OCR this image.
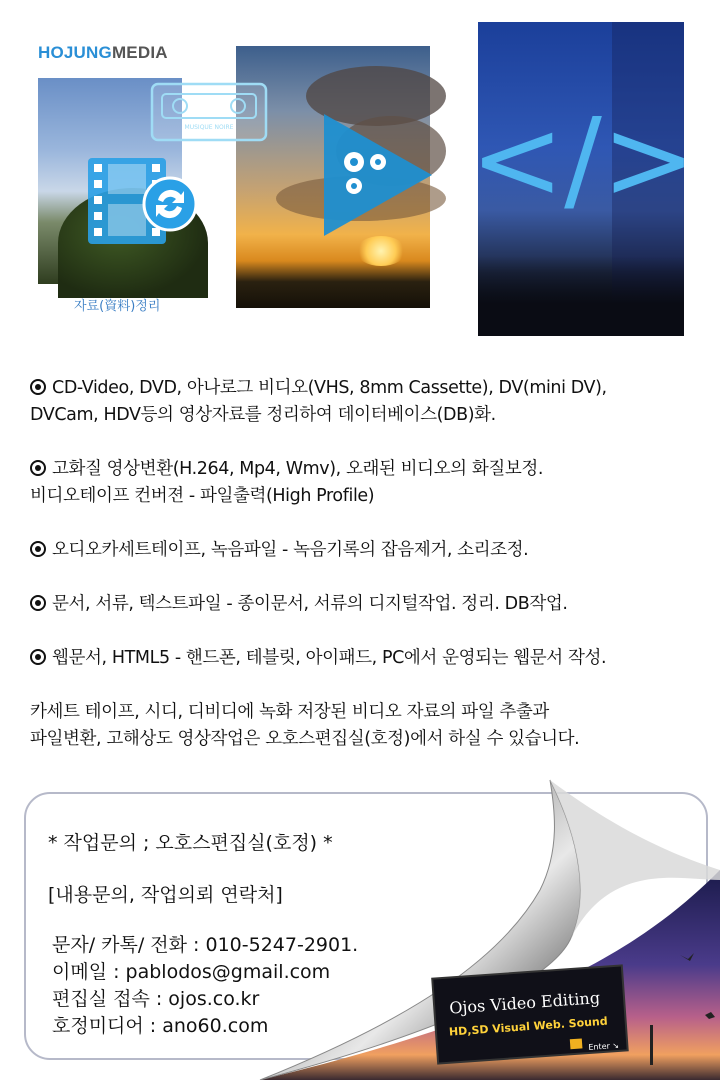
HOJUNGMEDIA
자료(資料)정리
MUSIQUE NOIRE </>
CD-Video, DVD, 아나로그 비디오(VHS, 8mm Cassette), DV(mini DV),
DVCam, HDV등의 영상자료를 정리하여 데이터베이스(DB)화.
고화질 영상변환(H.264, Mp4, Wmv), 오래된 비디오의 화질보정.
비디오테이프 컨버젼 - 파일출력(High Profile)
오디오카세트테이프, 녹음파일 - 녹음기록의 잡음제거, 소리조정.
문서, 서류, 텍스트파일 - 종이문서, 서류의 디지털작업. 정리. DB작업.
웹문서, HTML5 - 핸드폰, 테블릿, 아이패드, PC에서 운영되는 웹문서 작성.
카세트 테이프, 시디, 디비디에 녹화 저장된 비디오 자료의 파일 추출과
파일변환, 고해상도 영상작업은 오호스편집실(호정)에서 하실 수 있습니다.
* 작업문의 ; 오호스편집실(호정) *
[내용문의, 작업의뢰 연락처]
문자/ 카톡/ 전화 : 010-5247-2901.
이메일 : pablodos@gmail.com
편집실 접속 : ojos.co.kr
호정미디어 : ano60.com
Ojos Video Editing
HD,SD Visual Web. Sound
Enter ↘
